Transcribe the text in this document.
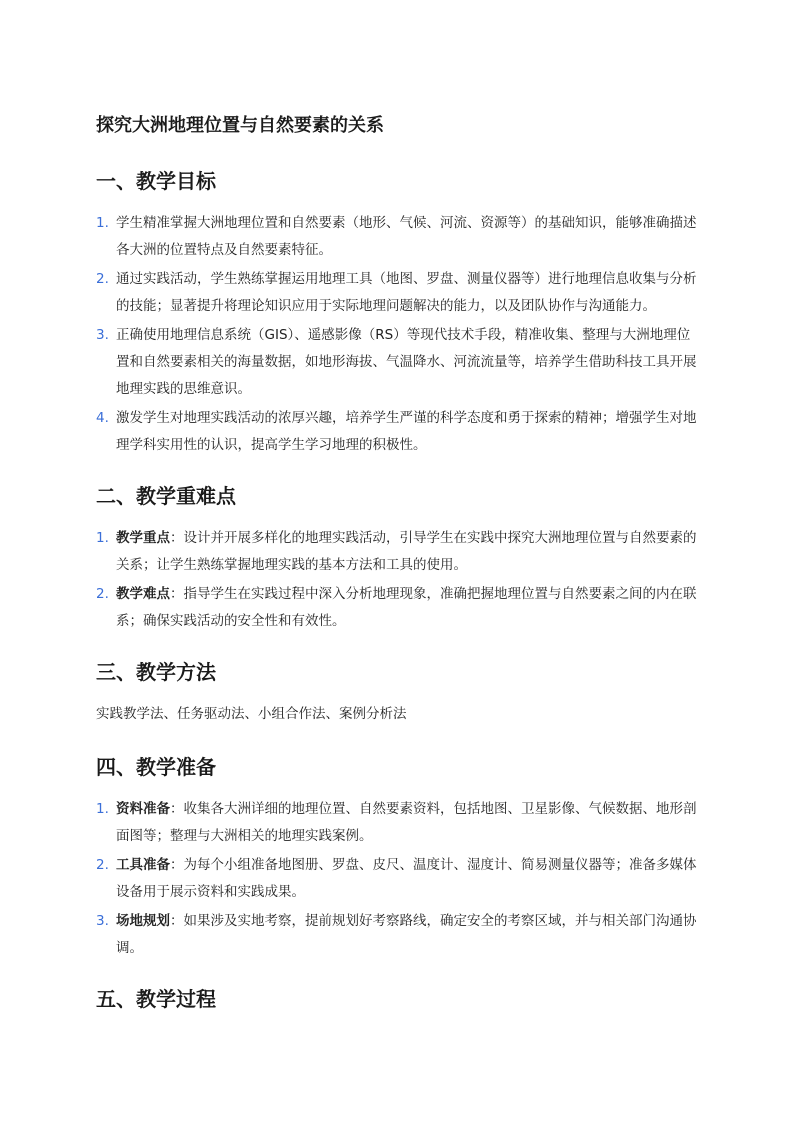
探究大洲地理位置与自然要素的关系
一、教学目标
1. 学生精准掌握大洲地理位置和自然要素（地形、气候、河流、资源等）的基础知识，能够准确描述各大洲的位置特点及自然要素特征。
2. 通过实践活动，学生熟练掌握运用地理工具（地图、罗盘、测量仪器等）进行地理信息收集与分析的技能；显著提升将理论知识应用于实际地理问题解决的能力，以及团队协作与沟通能力。
3. 正确使用地理信息系统（GIS）、遥感影像（RS）等现代技术手段，精准收集、整理与大洲地理位置和自然要素相关的海量数据，如地形海拔、气温降水、河流流量等，培养学生借助科技工具开展地理实践的思维意识。
4. 激发学生对地理实践活动的浓厚兴趣，培养学生严谨的科学态度和勇于探索的精神；增强学生对地理学科实用性的认识，提高学生学习地理的积极性。
二、教学重难点
1. 教学重点：设计并开展多样化的地理实践活动，引导学生在实践中探究大洲地理位置与自然要素的关系；让学生熟练掌握地理实践的基本方法和工具的使用。
2. 教学难点：指导学生在实践过程中深入分析地理现象，准确把握地理位置与自然要素之间的内在联系；确保实践活动的安全性和有效性。
三、教学方法
实践教学法、任务驱动法、小组合作法、案例分析法
四、教学准备
1. 资料准备：收集各大洲详细的地理位置、自然要素资料，包括地图、卫星影像、气候数据、地形剖面图等；整理与大洲相关的地理实践案例。
2. 工具准备：为每个小组准备地图册、罗盘、皮尺、温度计、湿度计、简易测量仪器等；准备多媒体设备用于展示资料和实践成果。
3. 场地规划：如果涉及实地考察，提前规划好考察路线，确定安全的考察区域，并与相关部门沟通协调。
五、教学过程
